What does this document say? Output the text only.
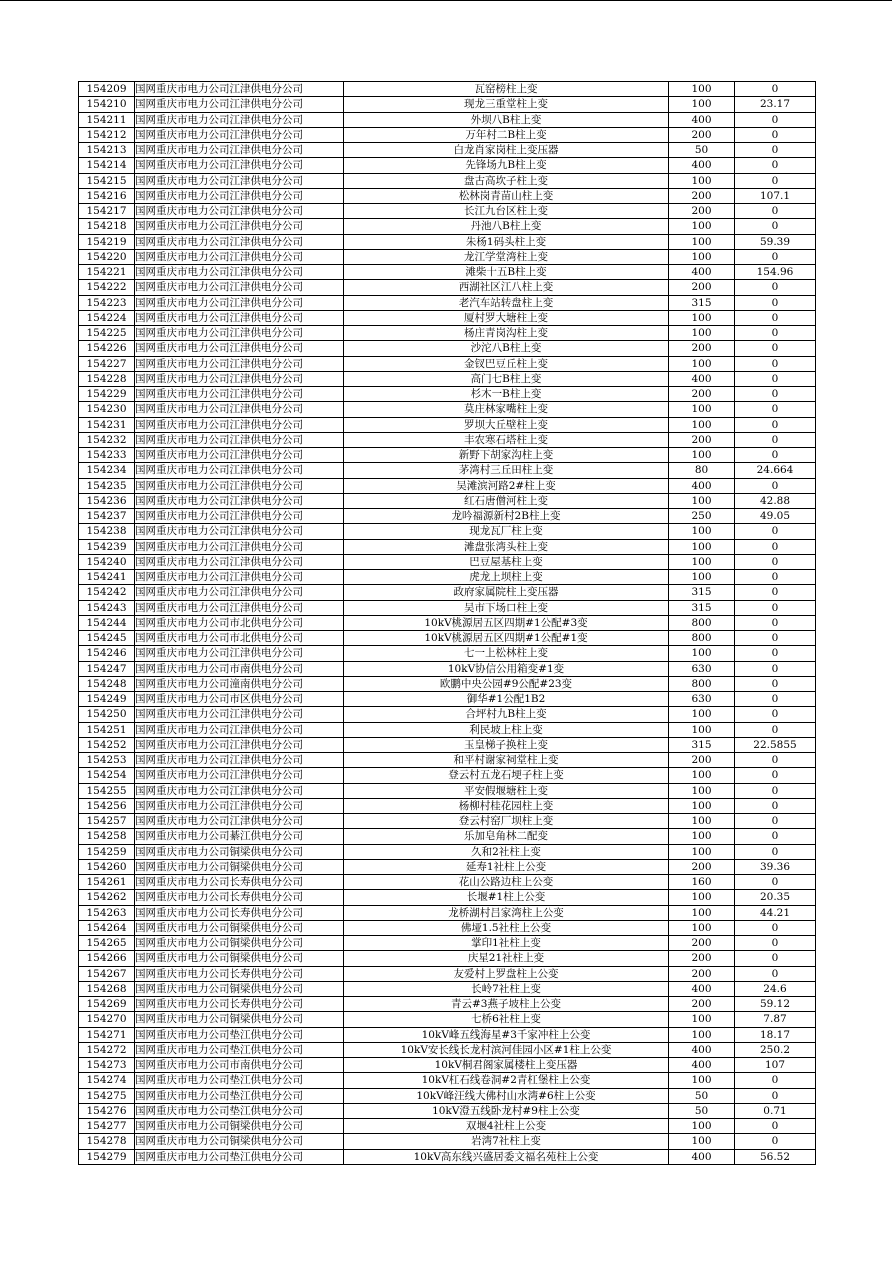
154209	国网重庆市电力公司江津供电分公司	瓦窑榜柱上变	100	0
154210	国网重庆市电力公司江津供电分公司	现龙三重堂柱上变	100	23.17
154211	国网重庆市电力公司江津供电分公司	外坝八B柱上变	400	0
154212	国网重庆市电力公司江津供电分公司	万年村二B柱上变	200	0
154213	国网重庆市电力公司江津供电分公司	白龙肖家岗柱上变压器	50	0
154214	国网重庆市电力公司江津供电分公司	先锋场九B柱上变	400	0
154215	国网重庆市电力公司江津供电分公司	盘古高坎子柱上变	100	0
154216	国网重庆市电力公司江津供电分公司	松林岗青苗山柱上变	200	107.1
154217	国网重庆市电力公司江津供电分公司	长江九台区柱上变	200	0
154218	国网重庆市电力公司江津供电分公司	丹池八B柱上变	100	0
154219	国网重庆市电力公司江津供电分公司	朱杨1码头柱上变	100	59.39
154220	国网重庆市电力公司江津供电分公司	龙江学堂湾柱上变	100	0
154221	国网重庆市电力公司江津供电分公司	滩柴十五B柱上变	400	154.96
154222	国网重庆市电力公司江津供电分公司	西湖社区江八柱上变	200	0
154223	国网重庆市电力公司江津供电分公司	老汽车站转盘柱上变	315	0
154224	国网重庆市电力公司江津供电分公司	厦村罗大塘柱上变	100	0
154225	国网重庆市电力公司江津供电分公司	杨庄青岗沟柱上变	100	0
154226	国网重庆市电力公司江津供电分公司	沙沱八B柱上变	200	0
154227	国网重庆市电力公司江津供电分公司	金钗巴豆丘柱上变	100	0
154228	国网重庆市电力公司江津供电分公司	高门七B柱上变	400	0
154229	国网重庆市电力公司江津供电分公司	杉木一B柱上变	200	0
154230	国网重庆市电力公司江津供电分公司	莫庄林家嘴柱上变	100	0
154231	国网重庆市电力公司江津供电分公司	罗坝大丘壁柱上变	100	0
154232	国网重庆市电力公司江津供电分公司	丰农寒石塔柱上变	200	0
154233	国网重庆市电力公司江津供电分公司	新野下胡家沟柱上变	100	0
154234	国网重庆市电力公司江津供电分公司	茅湾村三丘田柱上变	80	24.664
154235	国网重庆市电力公司江津供电分公司	吴滩滨河路2#柱上变	400	0
154236	国网重庆市电力公司江津供电分公司	红石唐僧河柱上变	100	42.88
154237	国网重庆市电力公司江津供电分公司	龙吟福源新村2B柱上变	250	49.05
154238	国网重庆市电力公司江津供电分公司	现龙瓦厂柱上变	100	0
154239	国网重庆市电力公司江津供电分公司	滩盘张湾头柱上变	100	0
154240	国网重庆市电力公司江津供电分公司	巴豆屋基柱上变	100	0
154241	国网重庆市电力公司江津供电分公司	虎龙上坝柱上变	100	0
154242	国网重庆市电力公司江津供电分公司	政府家属院柱上变压器	315	0
154243	国网重庆市电力公司江津供电分公司	吴市下场口柱上变	315	0
154244	国网重庆市电力公司市北供电分公司	10kV桃源居五区四期#1公配#3变	800	0
154245	国网重庆市电力公司市北供电分公司	10kV桃源居五区四期#1公配#1变	800	0
154246	国网重庆市电力公司江津供电分公司	七一上松林柱上变	100	0
154247	国网重庆市电力公司市南供电分公司	10kV协信公用箱变#1变	630	0
154248	国网重庆市电力公司潼南供电分公司	欧鹏中央公园#9公配#23变	800	0
154249	国网重庆市电力公司市区供电分公司	御华#1公配1B2	630	0
154250	国网重庆市电力公司江津供电分公司	合坪村九B柱上变	100	0
154251	国网重庆市电力公司江津供电分公司	利民坡上柱上变	100	0
154252	国网重庆市电力公司江津供电分公司	玉皇梯子换柱上变	315	22.5855
154253	国网重庆市电力公司江津供电分公司	和平村谢家祠堂柱上变	200	0
154254	国网重庆市电力公司江津供电分公司	登云村五龙石埂子柱上变	100	0
154255	国网重庆市电力公司江津供电分公司	平安假堰塘柱上变	100	0
154256	国网重庆市电力公司江津供电分公司	杨柳村桂花园柱上变	100	0
154257	国网重庆市电力公司江津供电分公司	登云村窑厂坝柱上变	100	0
154258	国网重庆市电力公司綦江供电分公司	乐加皂角林二配变	100	0
154259	国网重庆市电力公司铜梁供电分公司	久和2社柱上变	100	0
154260	国网重庆市电力公司铜梁供电分公司	延寿1社柱上公变	200	39.36
154261	国网重庆市电力公司长寿供电分公司	花山公路边柱上公变	160	0
154262	国网重庆市电力公司长寿供电分公司	长堰#1柱上公变	100	20.35
154263	国网重庆市电力公司长寿供电分公司	龙桥湖村吕家湾柱上公变	100	44.21
154264	国网重庆市电力公司铜梁供电分公司	佛垭1.5社柱上公变	100	0
154265	国网重庆市电力公司铜梁供电分公司	掌印1社柱上变	200	0
154266	国网重庆市电力公司铜梁供电分公司	庆星21社柱上变	200	0
154267	国网重庆市电力公司长寿供电分公司	友爱村上罗盘柱上公变	200	0
154268	国网重庆市电力公司铜梁供电分公司	长岭7社柱上变	400	24.6
154269	国网重庆市电力公司长寿供电分公司	青云#3燕子坡柱上公变	200	59.12
154270	国网重庆市电力公司铜梁供电分公司	七桥6社柱上变	100	7.87
154271	国网重庆市电力公司垫江供电分公司	10kV峰五线海星#3千家冲柱上公变	100	18.17
154272	国网重庆市电力公司垫江供电分公司	10kV安长线长龙村滨河佳园小区#1柱上公变	400	250.2
154273	国网重庆市电力公司市南供电分公司	10kV桐君阁家属楼柱上变压器	400	107
154274	国网重庆市电力公司垫江供电分公司	10kV杠石线卷洞#2青杠堡柱上公变	100	0
154275	国网重庆市电力公司垫江供电分公司	10kV峰汪线大佛村山水湾#6柱上公变	50	0
154276	国网重庆市电力公司垫江供电分公司	10kV澄五线卧龙村#9柱上公变	50	0.71
154277	国网重庆市电力公司铜梁供电分公司	双堰4社柱上公变	100	0
154278	国网重庆市电力公司铜梁供电分公司	岩湾7社柱上变	100	0
154279	国网重庆市电力公司垫江供电分公司	10kV高东线兴盛居委文福名苑柱上公变	400	56.52
